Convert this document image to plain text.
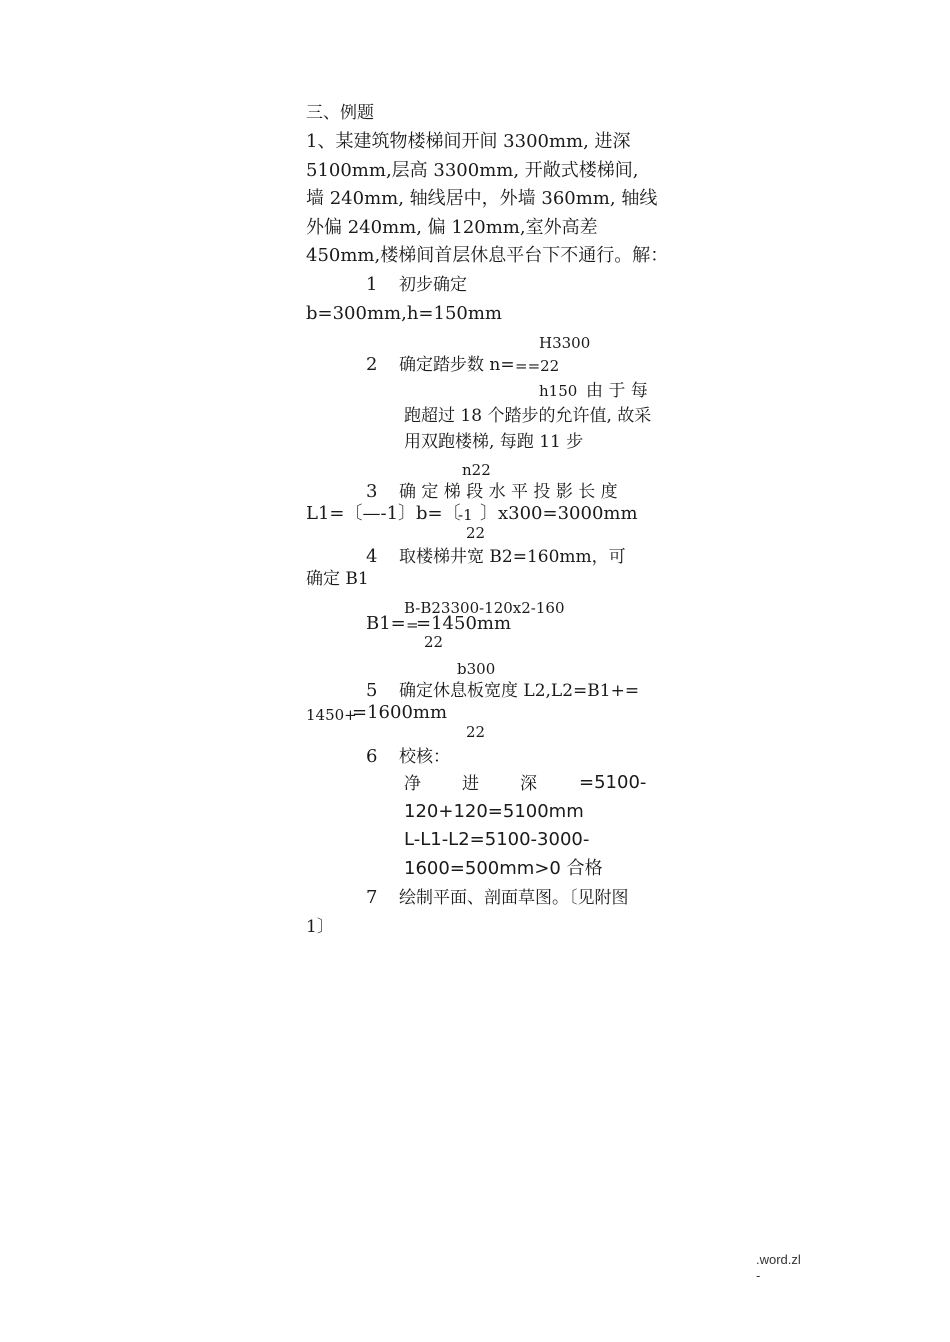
三、例题
1、某建筑物楼梯间开间 3300mm, 进深
5100mm,层高 3300mm, 开敞式楼梯间,
墙 240mm, 轴线居中，外墙 360mm, 轴线
外偏 240mm, 偏 120mm,室外高差
450mm,楼梯间首层休息平台下不通行。解：
1 初步确定
b=300mm,h=150mm
H3300
2 确定踏步数 n= ==22
h150 由 于 每
跑超过 18 个踏步的允许值, 故采
用双跑楼梯, 每跑 11 步
n22
3 确 定 梯 段 水 平 投 影 长 度
L1=〔—-1〕b=〔
-1 〕x300=3000mm
22
4 取楼梯井宽 B2=160mm，可
确定 B1
B-B23300-120x2-160
B1= =
=1450mm
22
b300
5 确定休息板宽度 L2,L2=B1+=
1450+
=1600mm
22
6 校核：
净 进 深 =5100-
120+120=5100mm
L-L1-L2=5100-3000-
1600=500mm>0 合格
7 绘制平面、剖面草图。〔见附图
1〕
.word.zl
-
